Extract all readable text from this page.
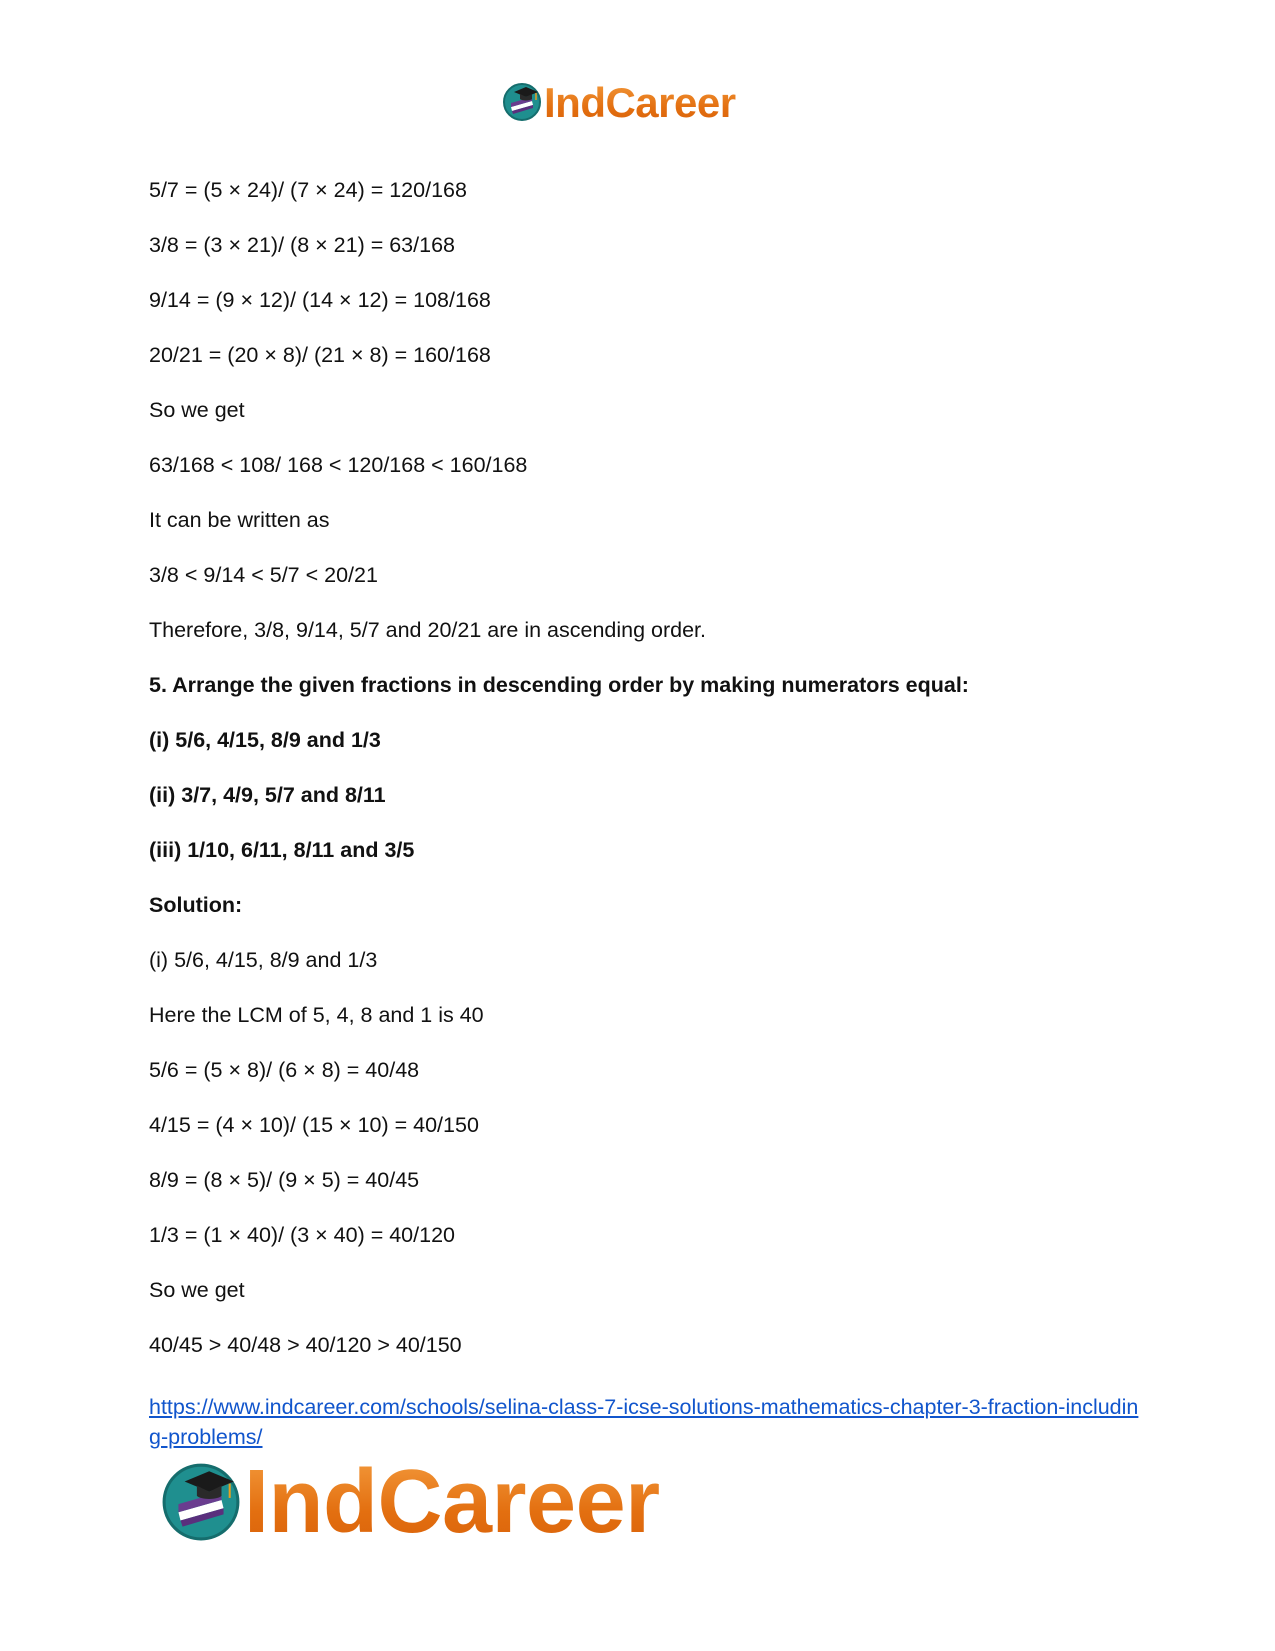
IndCareer
5/7 = (5 × 24)/ (7 × 24) = 120/168
3/8 = (3 × 21)/ (8 × 21) = 63/168
9/14 = (9 × 12)/ (14 × 12) = 108/168
20/21 = (20 × 8)/ (21 × 8) = 160/168
So we get
63/168 < 108/ 168 < 120/168 < 160/168
It can be written as
3/8 < 9/14 < 5/7 < 20/21
Therefore, 3/8, 9/14, 5/7 and 20/21 are in ascending order.
5. Arrange the given fractions in descending order by making numerators equal:
(i) 5/6, 4/15, 8/9 and 1/3
(ii) 3/7, 4/9, 5/7 and 8/11
(iii) 1/10, 6/11, 8/11 and 3/5
Solution:
(i) 5/6, 4/15, 8/9 and 1/3
Here the LCM of 5, 4, 8 and 1 is 40
5/6 = (5 × 8)/ (6 × 8) = 40/48
4/15 = (4 × 10)/ (15 × 10) = 40/150
8/9 = (8 × 5)/ (9 × 5) = 40/45
1/3 = (1 × 40)/ (3 × 40) = 40/120
So we get
40/45 > 40/48 > 40/120 > 40/150
https://www.indcareer.com/schools/selina-class-7-icse-solutions-mathematics-chapter-3-fraction-including-problems/
IndCareer
